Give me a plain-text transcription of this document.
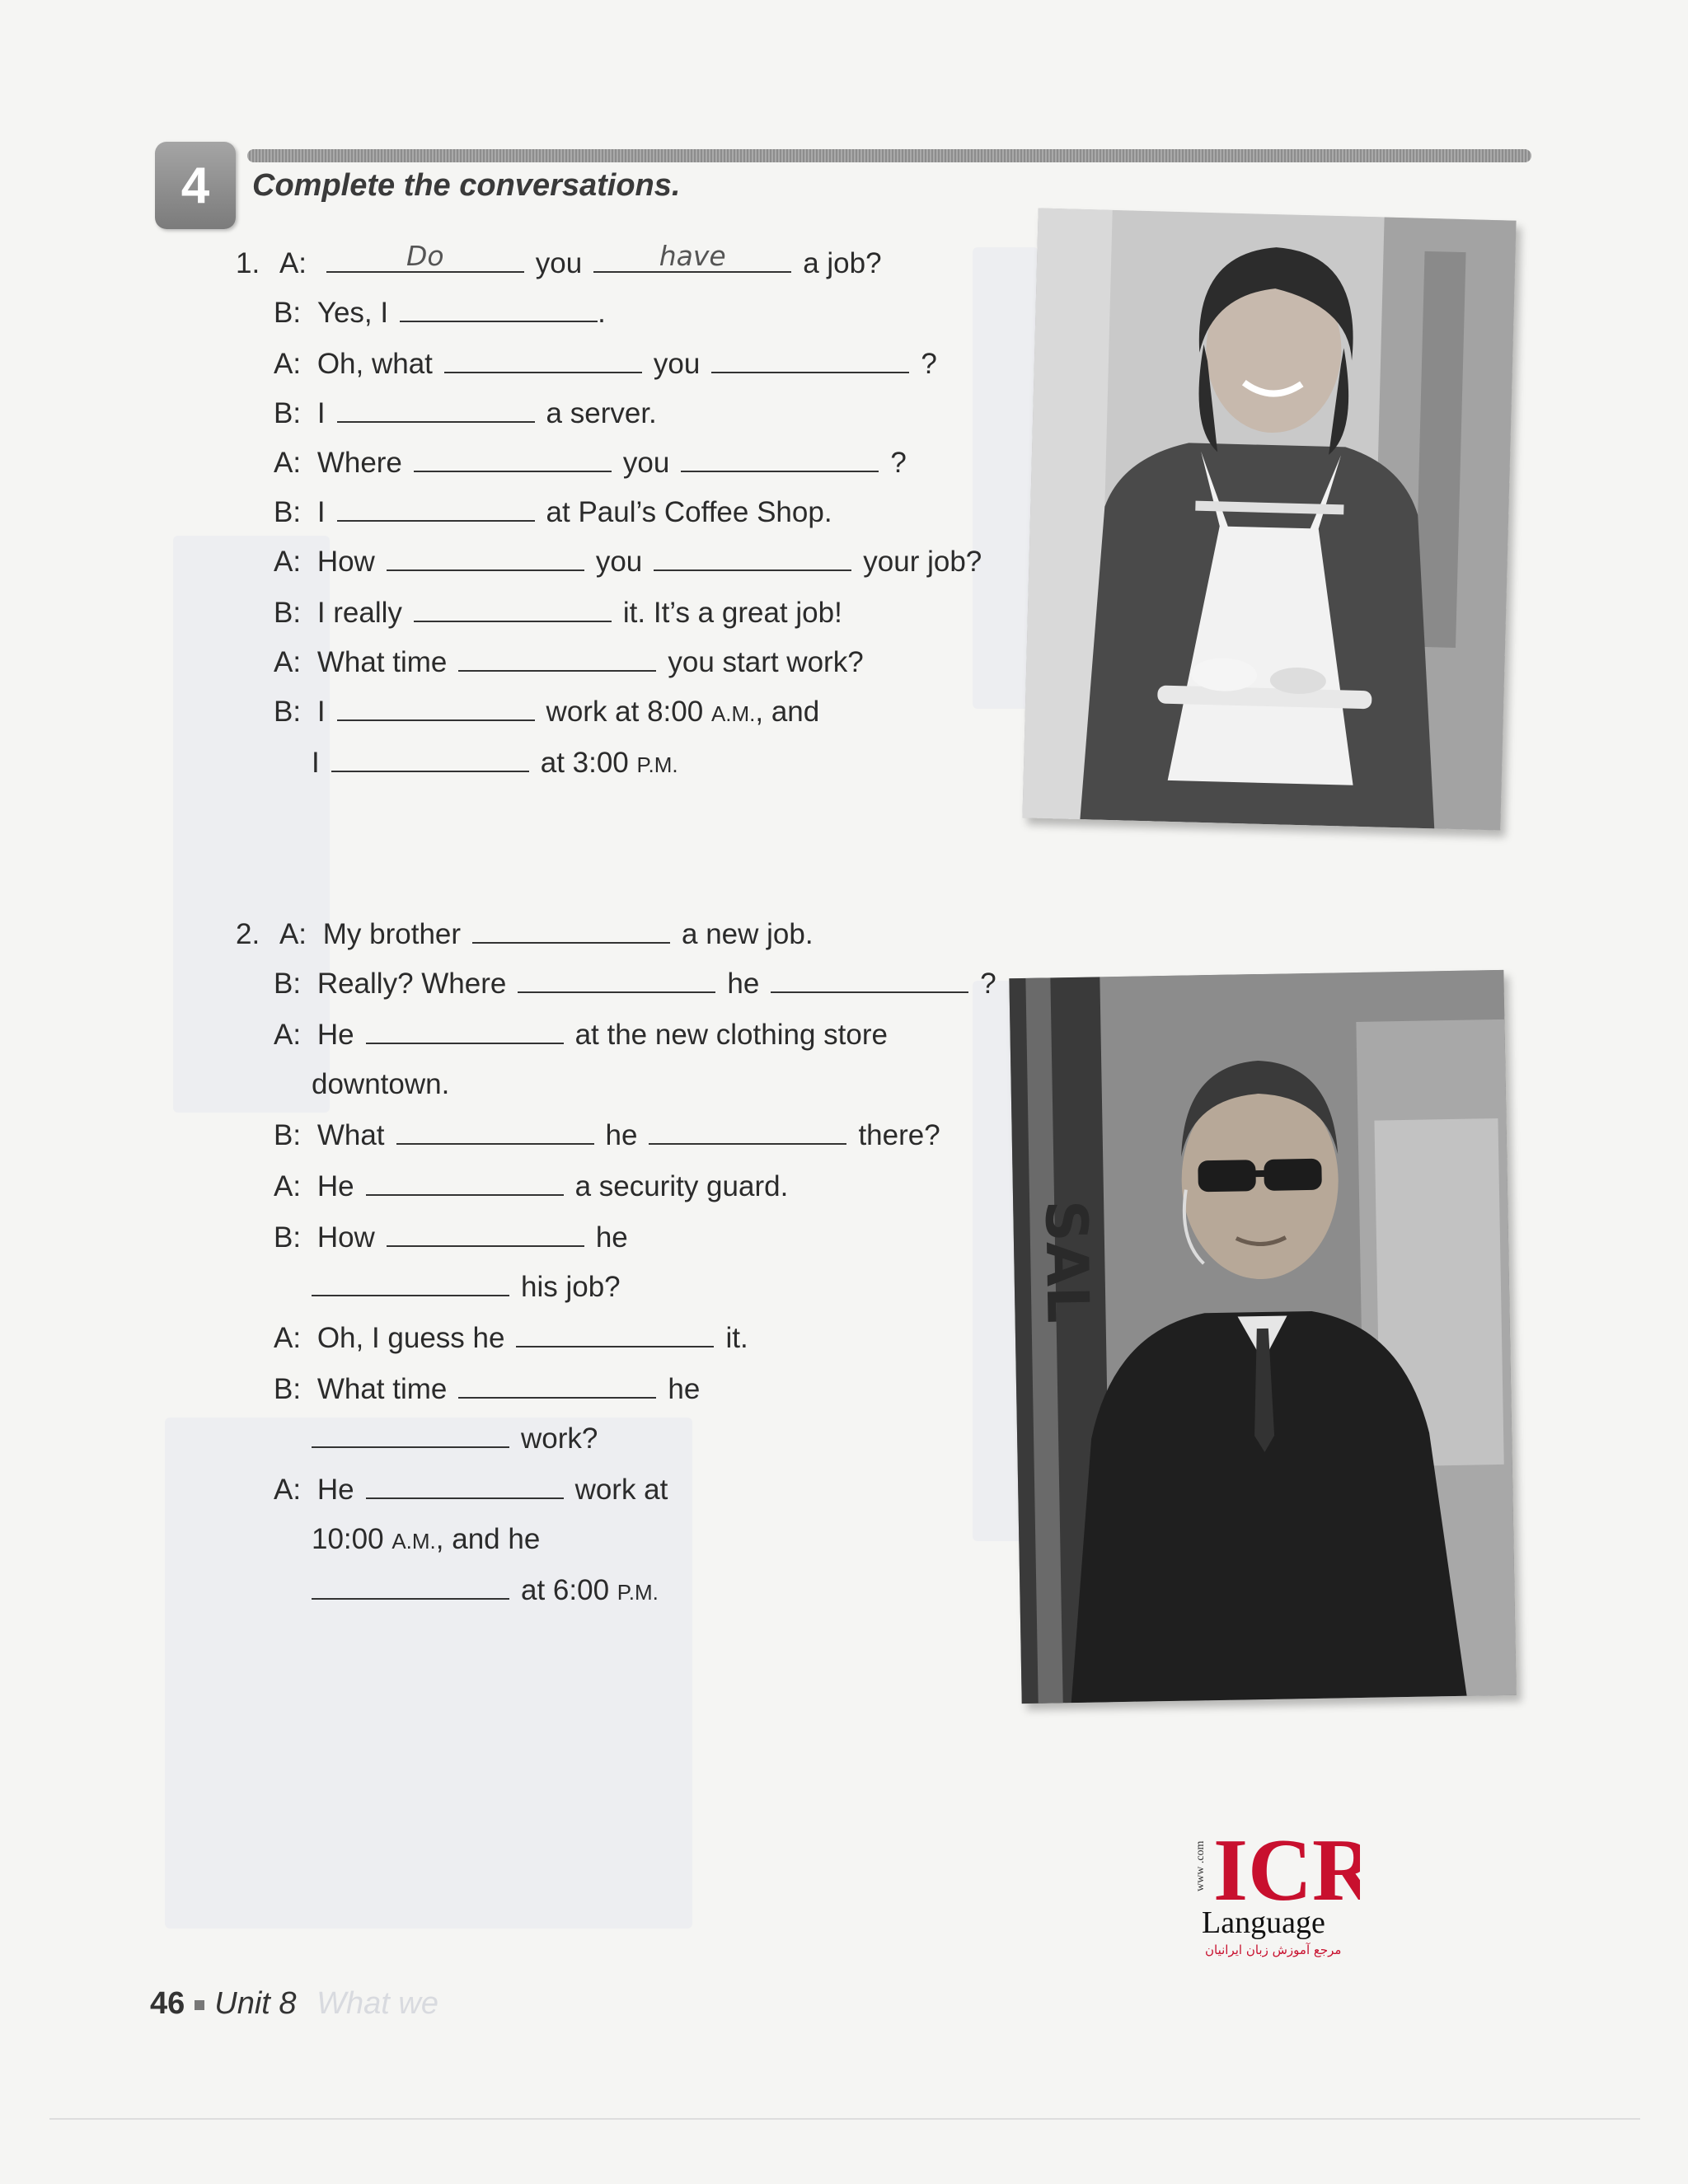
4	Complete the conversations.
1. A:	Do	you	have	a job?
B: Yes, I	.
A: Oh, what	you	?
B: I	a server.
A: Where	you	?
B: I	at Paul’s Coffee Shop.
A: How	you	your job?
B: I really	it. It’s a great job!
A: What time	you start work?
B: I	work at 8:00 A.M., and
I	at 3:00 P.M.
2. A: My brother	a new job.
B: Really? Where	he	?
A: He	at the new clothing store
downtown.
B: What	he	there?
A: He	a security guard.
B: How	he
his job?
A: Oh, I guess he	it.
B: What time	he
work?
A: He	work at
10:00 A.M., and he
at 6:00 P.M.
SAL
www .com ICR
Language
مرجع آموزش زبان ایرانیان
46 Unit 8 What we
